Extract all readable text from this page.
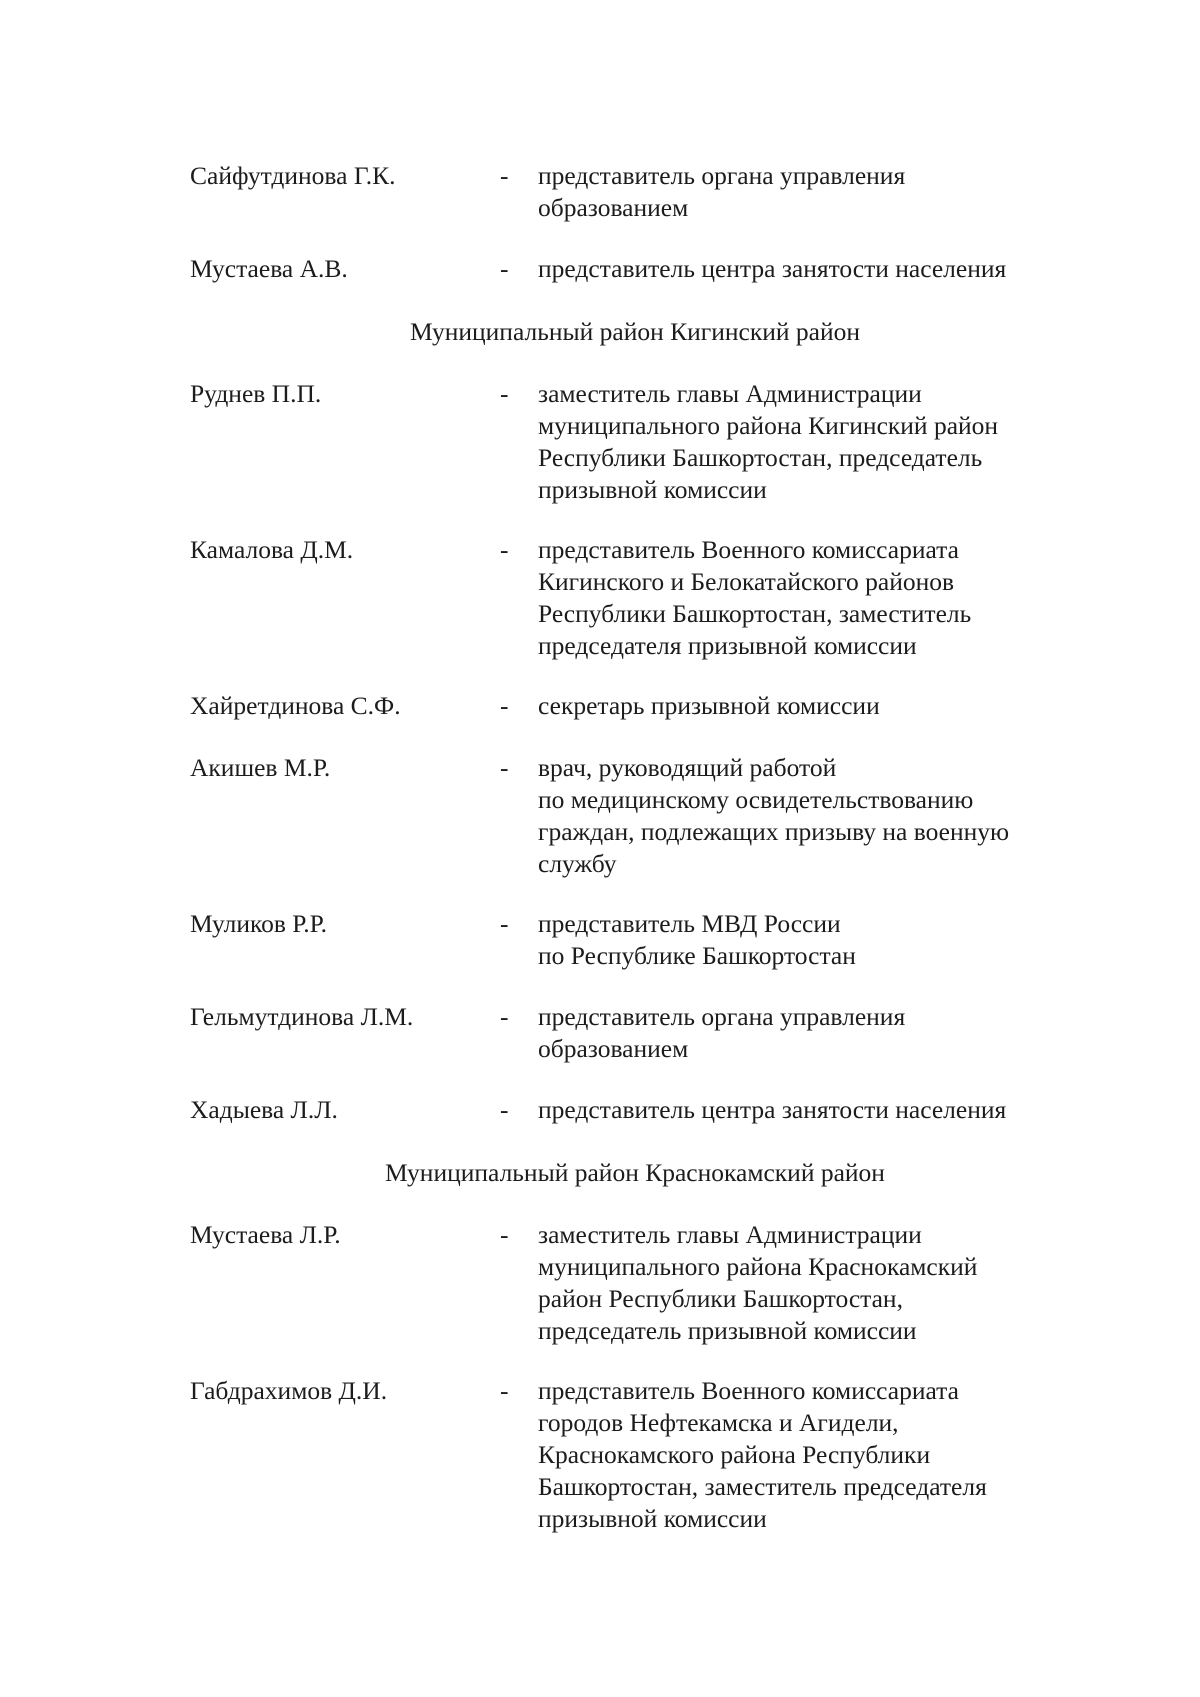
Сайфутдинова Г.К.	- представитель органа управления
образованием
Мустаева А.В.	- представитель центра занятости населения
Муниципальный район Кигинский район
Руднев П.П.	- заместитель главы Администрации
муниципального района Кигинский район
Республики Башкортостан, председатель
призывной комиссии
Камалова Д.М.	- представитель Военного комиссариата
Кигинского и Белокатайского районов
Республики Башкортостан, заместитель
председателя призывной комиссии
Хайретдинова С.Ф.	- секретарь призывной комиссии
Акишев М.Р.	- врач, руководящий работой
по медицинскому освидетельствованию
граждан, подлежащих призыву на военную
службу
Муликов Р.Р.	- представитель МВД России
по Республике Башкортостан
Гельмутдинова Л.М.	- представитель органа управления
образованием
Хадыева Л.Л.	- представитель центра занятости населения
Муниципальный район Краснокамский район
Мустаева Л.Р.	- заместитель главы Администрации
муниципального района Краснокамский
район Республики Башкортостан,
председатель призывной комиссии
Габдрахимов Д.И.	- представитель Военного комиссариата
городов Нефтекамска и Агидели,
Краснокамского района Республики
Башкортостан, заместитель председателя
призывной комиссии
